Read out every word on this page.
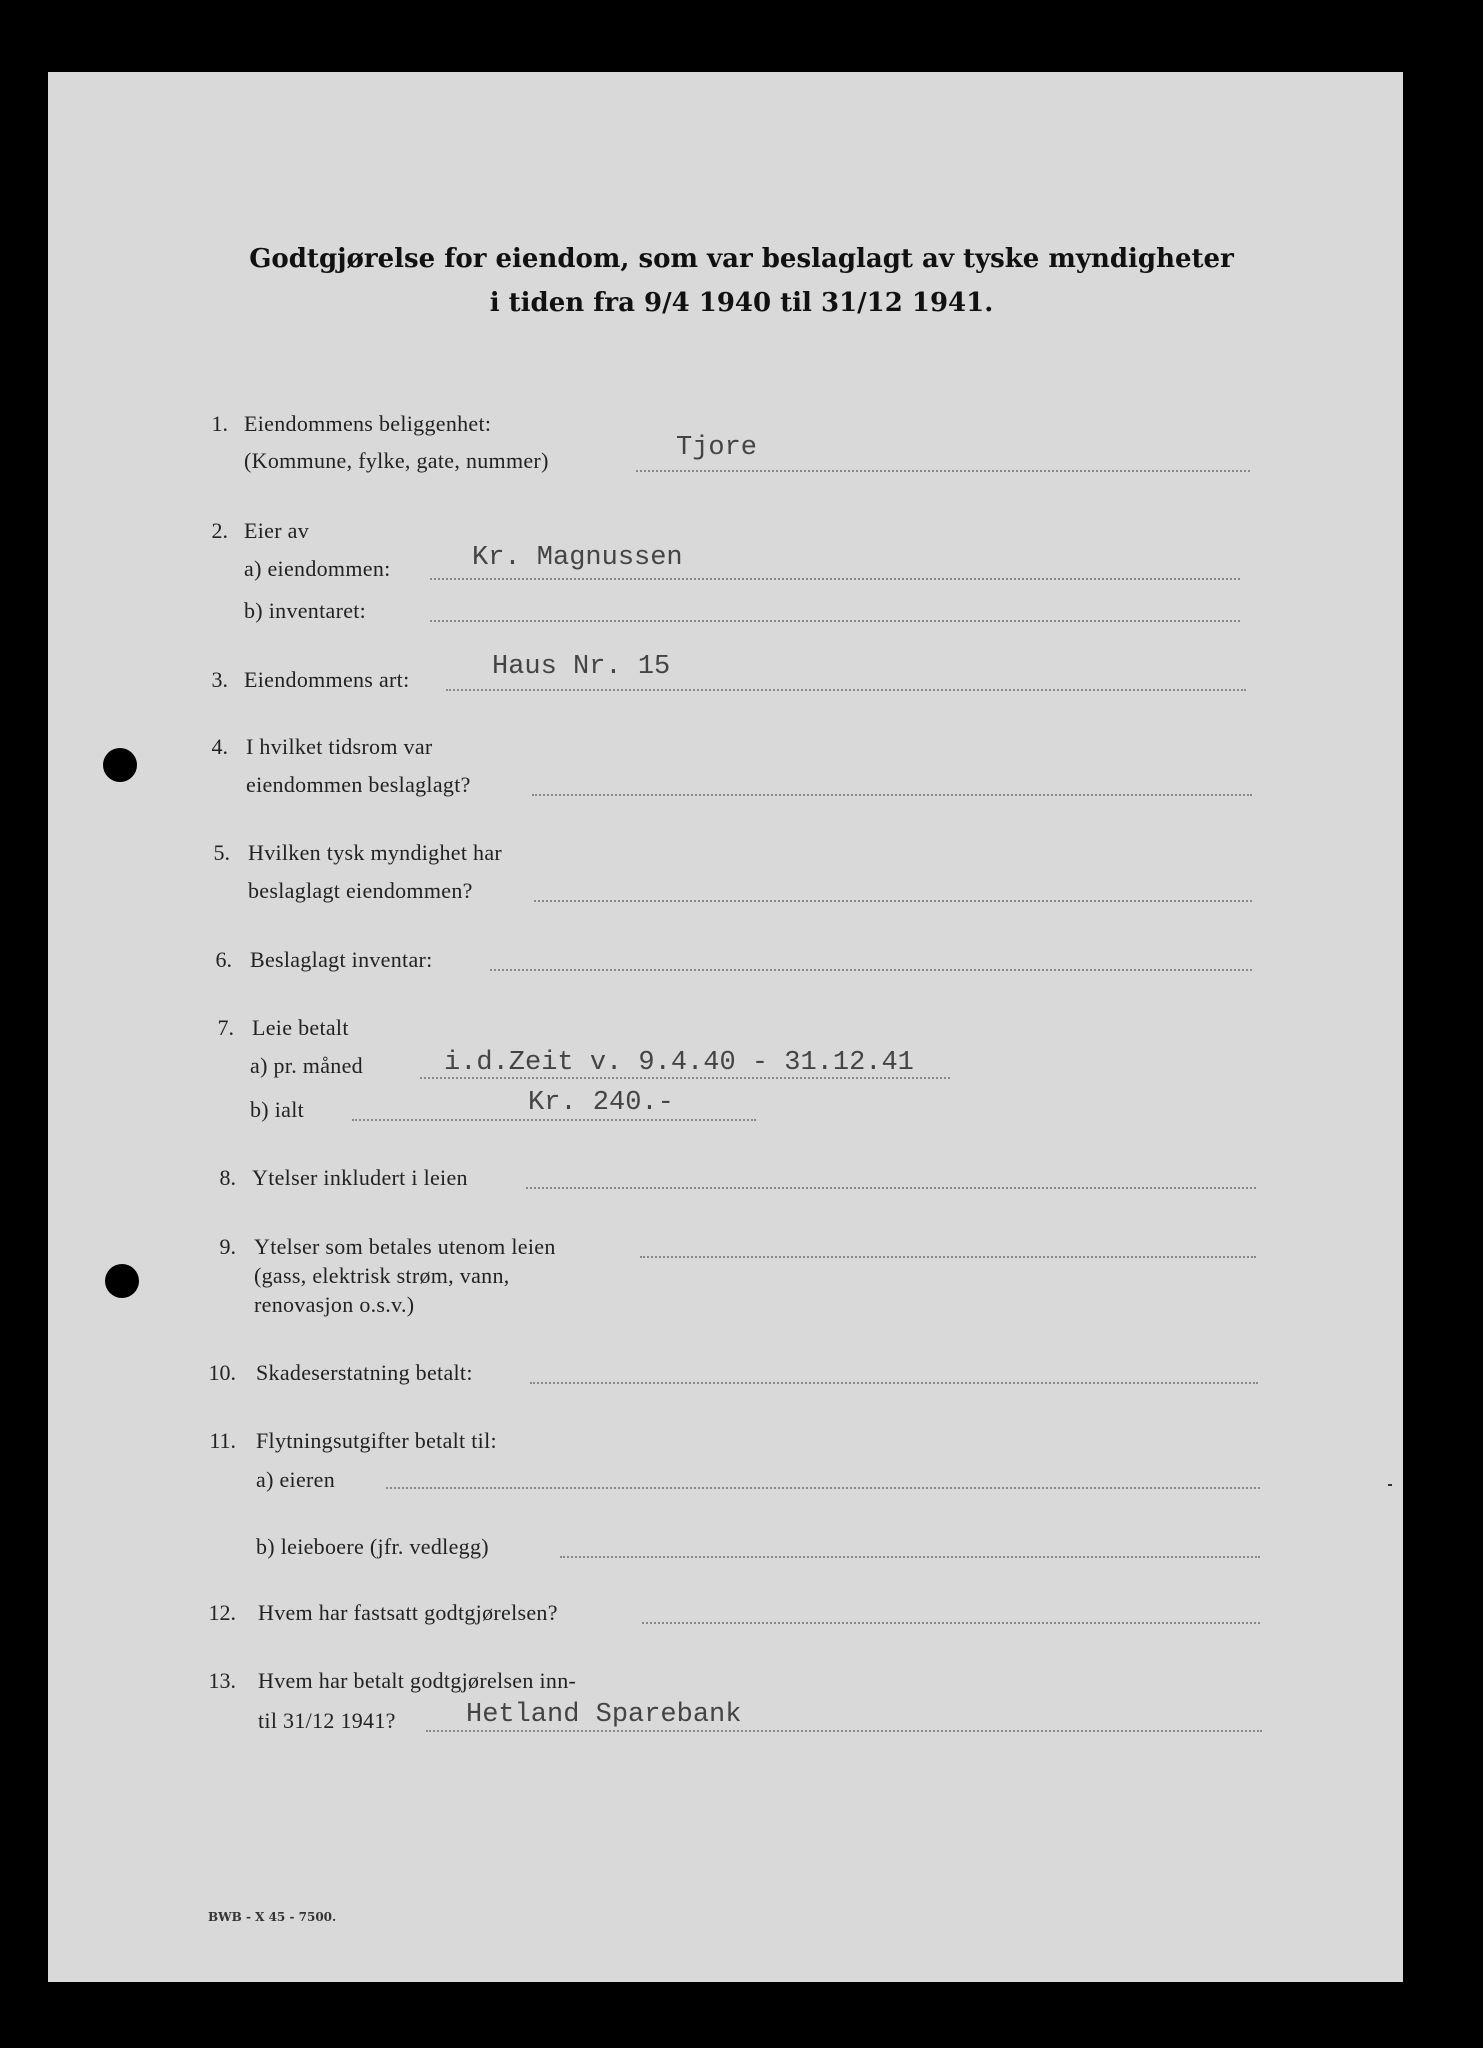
Godtgjørelse for eiendom, som var beslaglagt av tyske myndigheter
i tiden fra 9/4 1940 til 31/12 1941.
1. Eiendommens beliggenhet:
(Kommune, fylke, gate, nummer)	Tjore
2. Eier av
a) eiendommen:	Kr. Magnussen
b) inventaret:
3. Eiendommens art:	Haus Nr. 15
4. I hvilket tidsrom var
eiendommen beslaglagt?
5. Hvilken tysk myndighet har
beslaglagt eiendommen?
6. Beslaglagt inventar:
7. Leie betalt
a) pr. måned	i.d.Zeit v. 9.4.40 - 31.12.41
b) ialt	Kr. 240.-
8. Ytelser inkludert i leien
9. Ytelser som betales utenom leien
(gass, elektrisk strøm, vann,
renovasjon o.s.v.)
10. Skadeserstatning betalt:
11. Flytningsutgifter betalt til:
a) eieren
b) leieboere (jfr. vedlegg)
12. Hvem har fastsatt godtgjørelsen?
13. Hvem har betalt godtgjørelsen inn-
til 31/12 1941?	Hetland Sparebank
BWB - X 45 - 7500.
